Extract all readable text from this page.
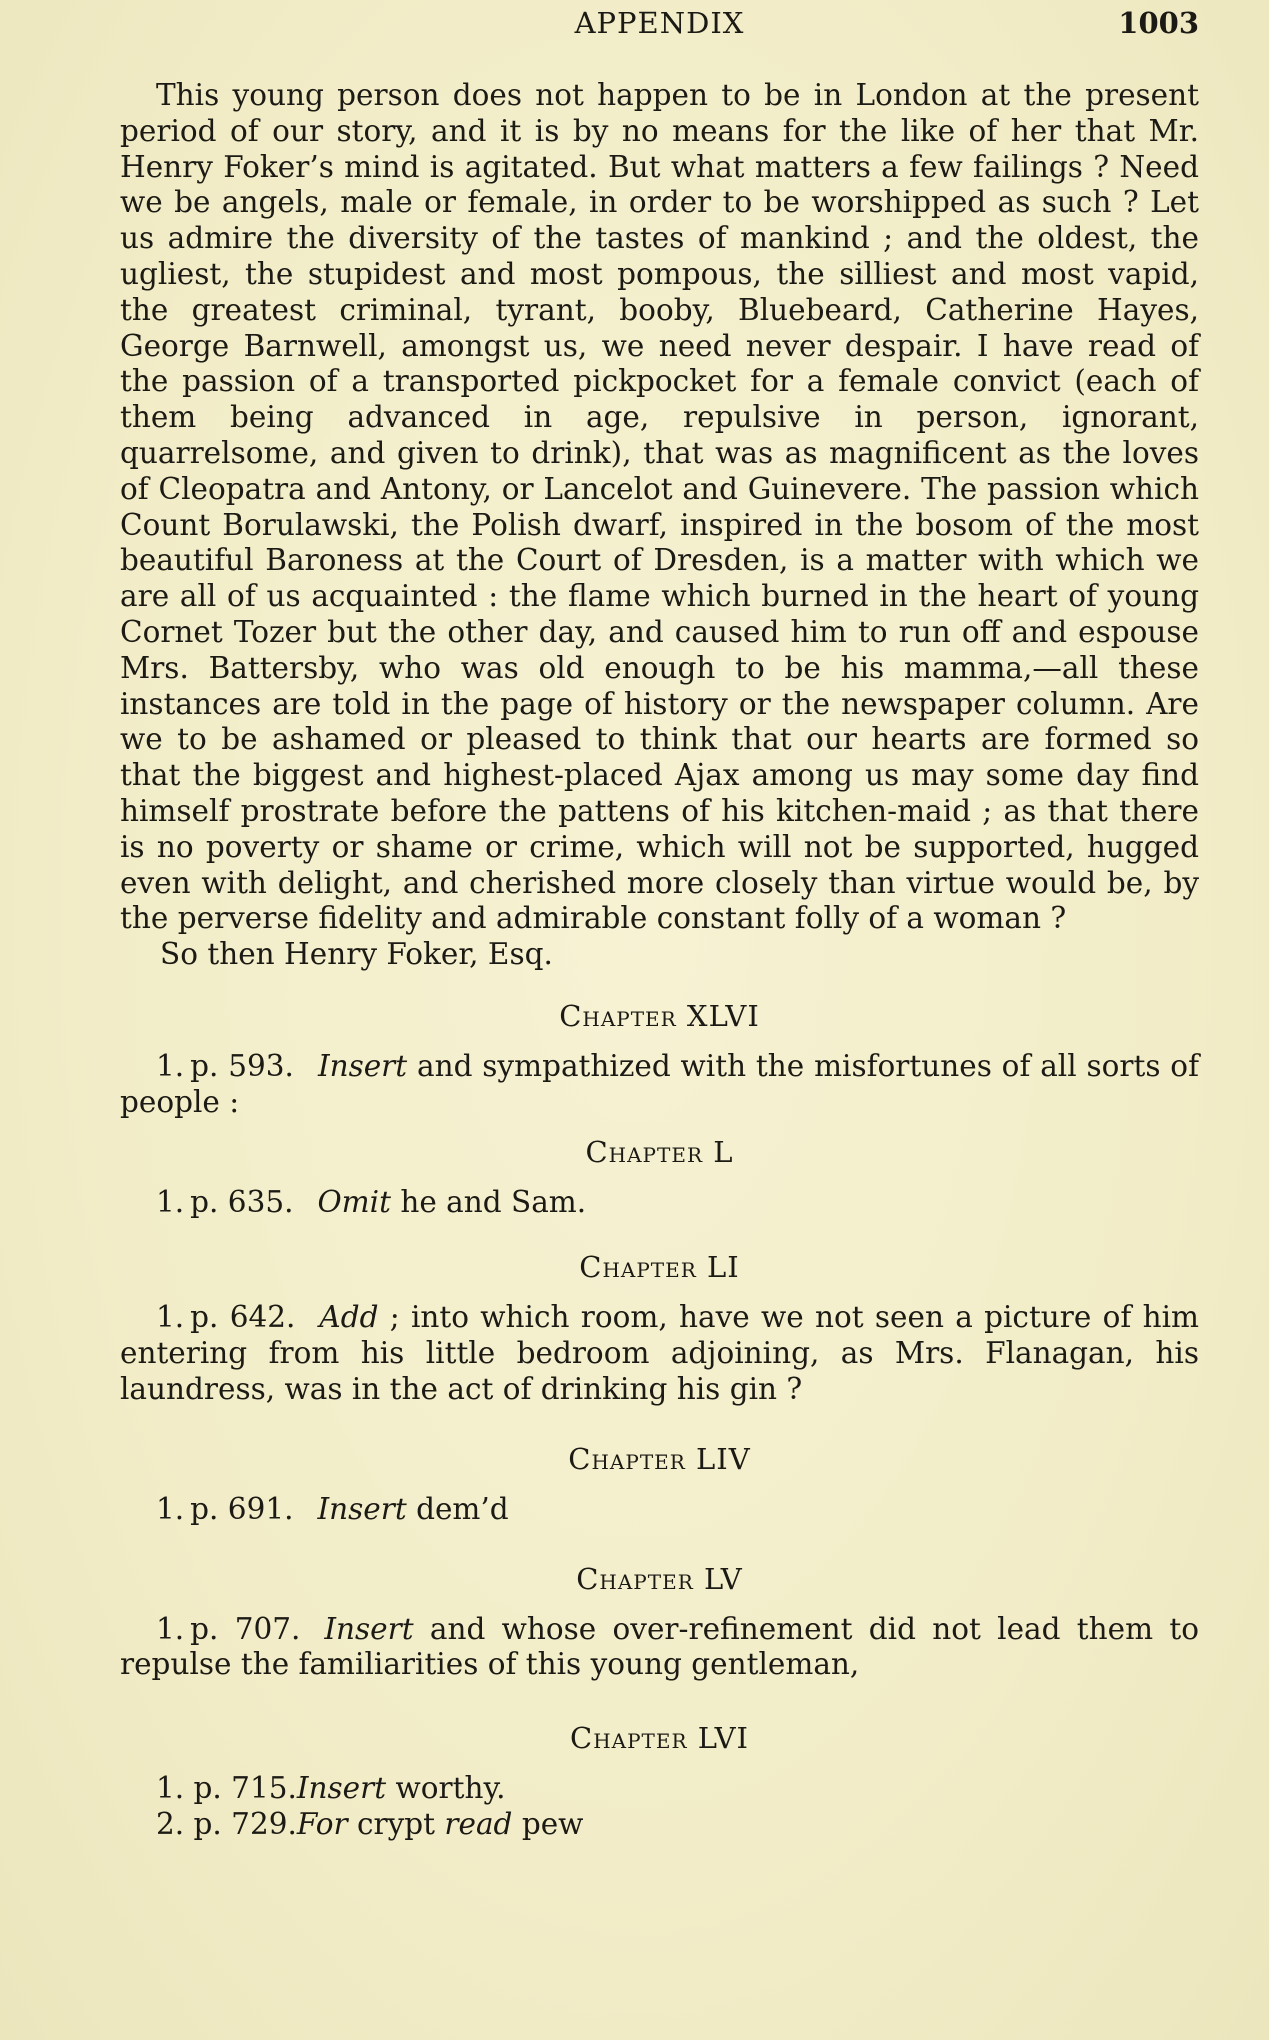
APPENDIX	1003

This young person does not happen to be in London at the present period of our story, and it is by no means for the like of her that Mr. Henry Foker’s mind is agitated. But what matters a few failings ? Need we be angels, male or female, in order to be worshipped as such ? Let us admire the diversity of the tastes of mankind ; and the oldest, the ugliest, the stupidest and most pompous, the silliest and most vapid, the greatest criminal, tyrant, booby, Bluebeard, Catherine Hayes, George Barnwell, amongst us, we need never despair. I have read of the passion of a transported pickpocket for a female convict (each of them being advanced in age, repulsive in person, ignorant, quarrelsome, and given to drink), that was as magnificent as the loves of Cleopatra and Antony, or Lancelot and Guinevere. The passion which Count Borulawski, the Polish dwarf, inspired in the bosom of the most beautiful Baroness at the Court of Dresden, is a matter with which we are all of us acquainted : the flame which burned in the heart of young Cornet Tozer but the other day, and caused him to run off and espouse Mrs. Battersby, who was old enough to be his mamma,—all these instances are told in the page of history or the newspaper column. Are we to be ashamed or pleased to think that our hearts are formed so that the biggest and highest-placed Ajax among us may some day find himself prostrate before the pattens of his kitchen-maid ; as that there is no poverty or shame or crime, which will not be supported, hugged even with delight, and cherished more closely than virtue would be, by the perverse fidelity and admirable constant folly of a woman ?

So then Henry Foker, Esq.

Chapter XLVI

1. p. 593. Insert and sympathized with the misfortunes of all sorts of people :

Chapter L

1. p. 635. Omit he and Sam.

Chapter LI

1. p. 642. Add ; into which room, have we not seen a picture of him entering from his little bedroom adjoining, as Mrs. Flanagan, his laundress, was in the act of drinking his gin ?

Chapter LIV

1. p. 691. Insert dem’d

Chapter LV

1. p. 707. Insert and whose over-refinement did not lead them to repulse the familiarities of this young gentleman,

Chapter LVI

1. p. 715.Insert worthy.

2. p. 729.For crypt read pew
